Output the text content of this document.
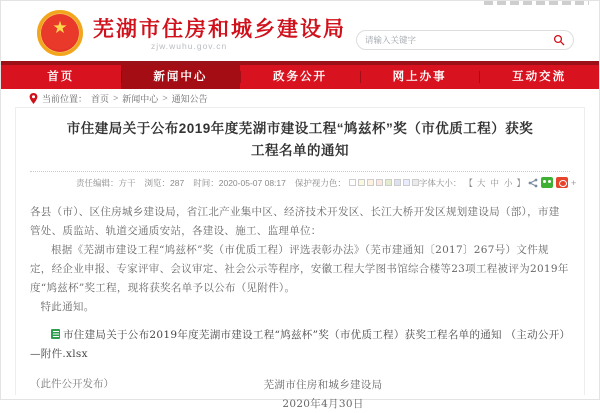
★	芜湖市住房和城乡建设局
zjw.wuhu.gov.cn
请输入关键字
首页	新闻中心	政务公开	网上办事	互动交流
当前位置： 首页 > 新闻中心 > 通知公告
市住建局关于公布2019年度芜湖市建设工程“鸠兹杯”奖（市优质工程）获奖工程名单的通知
责任编辑：方干 浏览：287 时间：2020-05-07 08:17 保护视力色：	字体大小： 【 大 中 小 】	+

各县（市）、区住房城乡建设局，省江北产业集中区、经济技术开发区、长江大桥开发区规划建设局（部），市建管处、质监站、轨道交通质安站，各建设、施工、监理单位：

根据《芜湖市建设工程“鸠兹杯”奖（市优质工程）评选表彰办法》（芜市建通知〔2017〕267号）文件规定，经企业申报、专家评审、会议审定、社会公示等程序，安徽工程大学图书馆综合楼等23项工程被评为2019年度“鸠兹杯”奖工程，现将获奖名单予以公布（见附件）。

特此通知。

市住建局关于公布2019年度芜湖市建设工程“鸠兹杯”奖（市优质工程）获奖工程名单的通知 （主动公开）—附件.xlsx

芜湖市住房和城乡建设局
2020年4月30日
（此件公开发布）
